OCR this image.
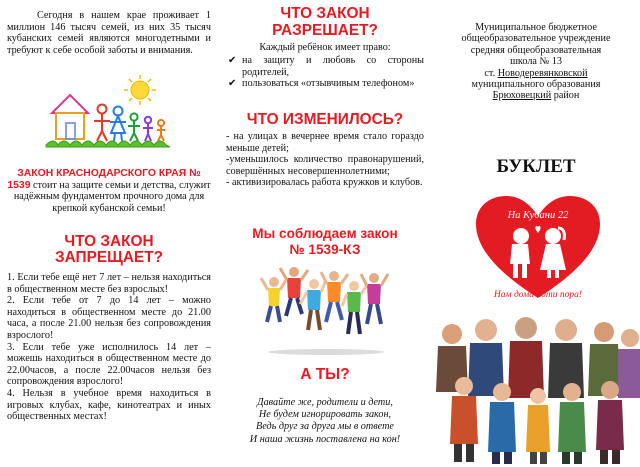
Сегодня в нашем крае проживает 1 миллион 146 тысяч семей, из них 35 тысяч кубанских семей являются многодетными и требуют к себе особой заботы и внимания.

ЗАКОН КРАСНОДАРСКОГО КРАЯ № 1539 стоит на защите семьи и детства, служит надёжным фундаментом прочного дома для крепкой кубанской семьи!

ЧТО ЗАКОН
ЗАПРЕЩАЕТ?

1. Если тебе ещё нет 7 лет – нельзя находиться в общественном месте без взрослых!

2. Если тебе от 7 до 14 лет – можно находиться в общественном месте до 21.00 часа, а после 21.00 нельзя без сопровождения взрослого!

3. Если тебе уже исполнилось 14 лет – можешь находиться в общественном месте до 22.00часов, а после 22.00часов нельзя без сопровождения взрослого!

4. Нельзя в учебное время находиться в игровых клубах, кафе, кинотеатрах и иных общественных местах!

ЧТО ЗАКОН
РАЗРЕШАЕТ?

Каждый ребёнок имеет право:

✔ на защиту и любовь со стороны родителей,
✔ пользоваться «отзывчивым телефоном»
ЧТО ИЗМЕНИЛОСЬ?

- на улицах в вечернее время стало гораздо меньше детей;

-уменьшилось количество правонарушений, совершённых несовершеннолетними;

- активизировалась работа кружков и клубов.

Мы соблюдаем закон
№ 1539-КЗ
А ТЫ?
Давайте же, родители и дети,
Не будем игнорировать закон,
Ведь друг за друга мы в ответе
И наша жизнь поставлена на кон!
Муниципальное бюджетное
общеобразовательное учреждение
средняя общеобразовательная
школа № 13
ст. Новодеревянковской
муниципального образования
Брюховецкий район
БУКЛЕТ
На Кубани 22
Нам дома идти пора!
